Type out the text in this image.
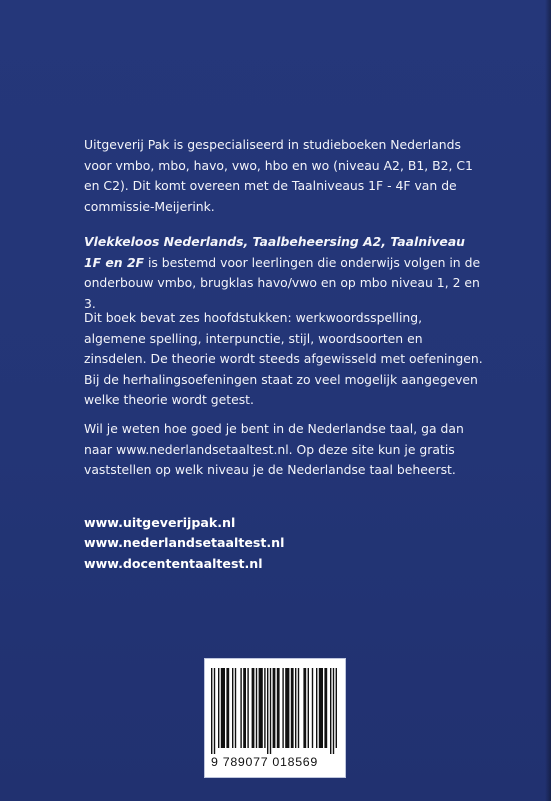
Uitgeverij Pak is gespecialiseerd in studieboeken Nederlands voor vmbo, mbo, havo, vwo, hbo en wo (niveau A2, B1, B2, C1 en C2). Dit komt overeen met de Taalniveaus 1F - 4F van de commissie-Meijerink.
Vlekkeloos Nederlands, Taalbeheersing A2, Taalniveau 1F en 2F is bestemd voor leerlingen die onderwijs volgen in de onderbouw vmbo, brugklas havo/vwo en op mbo niveau 1, 2 en 3.
Dit boek bevat zes hoofdstukken: werkwoordsspelling, algemene spelling, interpunctie, stijl, woordsoorten en zinsdelen. De theorie wordt steeds afgewisseld met oefeningen. Bij de herhalingsoefeningen staat zo veel mogelijk aangegeven welke theorie wordt getest.
Wil je weten hoe goed je bent in de Nederlandse taal, ga dan naar www.nederlandsetaaltest.nl. Op deze site kun je gratis vaststellen op welk niveau je de Nederlandse taal beheerst.
www.uitgeverijpak.nl
www.nederlandsetaaltest.nl
www.docententaaltest.nl
9 789077 018569
